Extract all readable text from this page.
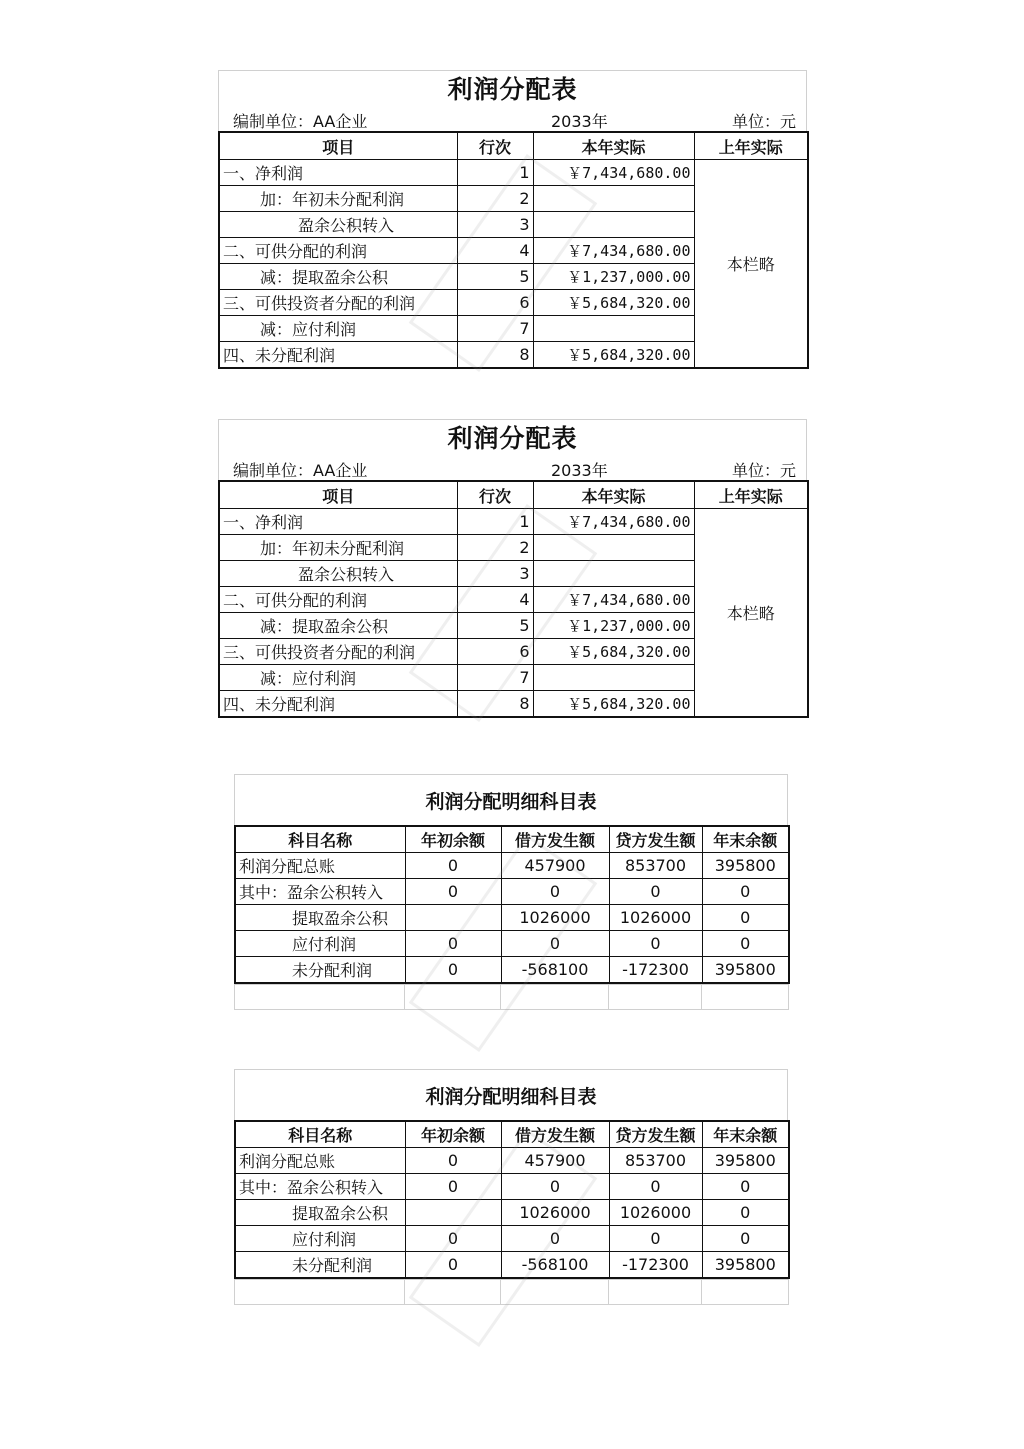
利润分配表
编制单位：AA企业	2033年	单位：元
项目	行次	本年实际	上年实际
一、净利润	1	￥7,434,680.00	本栏略
加：年初未分配利润	2		
盈余公积转入	3		
二、可供分配的利润	4	￥7,434,680.00	
减：提取盈余公积	5	￥1,237,000.00	
三、可供投资者分配的利润	6	￥5,684,320.00	
减：应付利润	7		
四、未分配利润	8	￥5,684,320.00	
利润分配表
编制单位：AA企业	2033年	单位：元
项目	行次	本年实际	上年实际
一、净利润	1	￥7,434,680.00	本栏略
加：年初未分配利润	2		
盈余公积转入	3		
二、可供分配的利润	4	￥7,434,680.00	
减：提取盈余公积	5	￥1,237,000.00	
三、可供投资者分配的利润	6	￥5,684,320.00	
减：应付利润	7		
四、未分配利润	8	￥5,684,320.00	
利润分配明细科目表
科目名称	年初余额	借方发生额	贷方发生额	年末余额
利润分配总账	0	457900	853700	395800
其中：盈余公积转入	0	0	0	0
提取盈余公积		1026000	1026000	0
应付利润	0	0	0	0
未分配利润	0	-568100	-172300	395800

利润分配明细科目表
科目名称	年初余额	借方发生额	贷方发生额	年末余额
利润分配总账	0	457900	853700	395800
其中：盈余公积转入	0	0	0	0
提取盈余公积		1026000	1026000	0
应付利润	0	0	0	0
未分配利润	0	-568100	-172300	395800
